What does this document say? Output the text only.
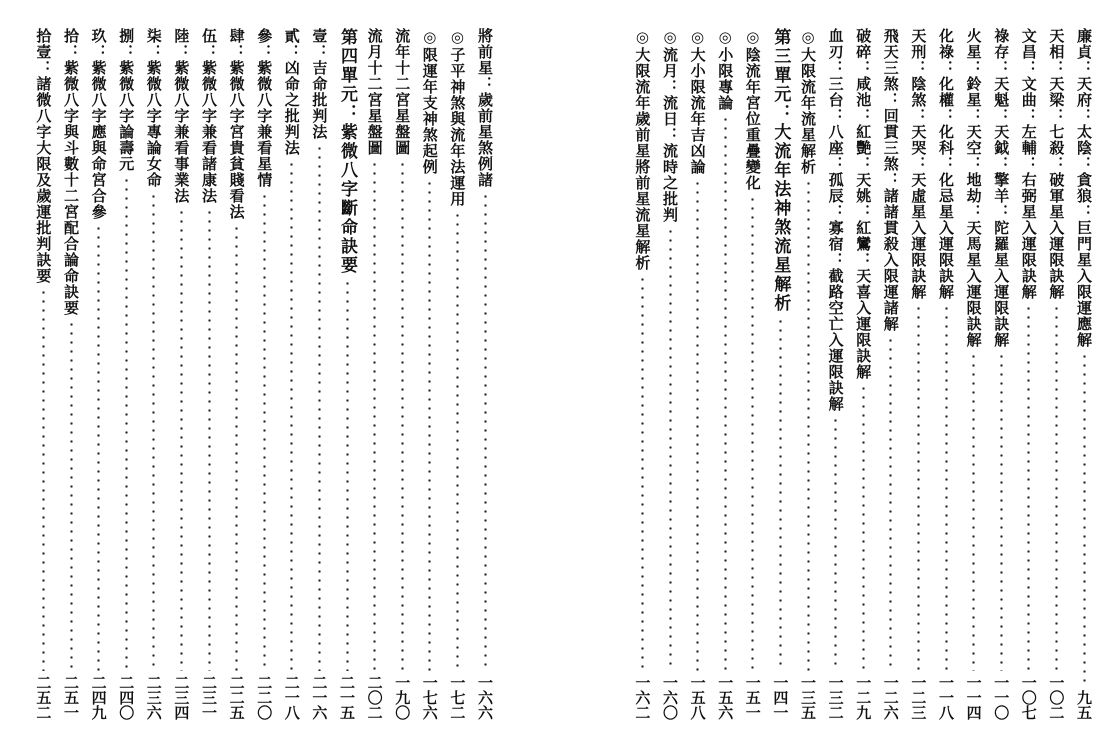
廉貞：天府：太陰：貪狼：巨門星入限運應解
九五
天相：天梁：七殺：破軍星入運限訣解
一〇二
文昌：文曲：左輔：右弼星入運限訣解
一〇七
祿存：天魁：天鉞：擎羊：陀羅星入運限訣解
一一〇
火星：鈴星：天空：地劫：天馬星入運限訣解
一一四
化祿：化權：化科：化忌星入運限訣解
一一八
天刑：陰煞：天哭：天虛星入運限訣解
一二三
飛天三煞：回貫三煞：諸諸貫殺入限運諸解
一二六
破碎：咸池：紅艷：天姚：紅鸞：天喜入運限訣解
一二九
血刃：三台：八座：孤辰：寡宿：截路空亡入運限訣解
一三二
◎大限流年流星解析
一三五
第三單元：大流年法神煞流星解析
一四一
◎陰流年宮位重疊變化
一五一
◎小限專論
一五六
◎大小限流年吉凶論
一五八
◎流月：流日：流時之批判
一六〇
◎大限流年歲前星將前星流星解析
一六二
將前星：歲前星煞例諸
一六六
◎子平神煞與流年法運用
一七二
◎限運年支神煞起例
一七六
流年十二宮星盤圖
一九〇
流月十二宮星盤圖
二〇二
第四單元：紫微八字斷命訣要
二一五
壹：吉命批判法
二一六
貳：凶命之批判法
二一八
參：紫微八字兼看星情
二二〇
肆：紫微八字宮貴貧賤看法
二二五
伍：紫微八字兼看諸康法
二三一
陸：紫微八字兼看事業法
二三四
柒：紫微八字專論女命
二三六
捌：紫微八字論壽元
二四〇
玖：紫微八字應與命宮合參
二四九
拾：紫微八字與斗數十二宮配合論命訣要
二五一
拾壹：諸微八字大限及歲運批判訣要
二五二
